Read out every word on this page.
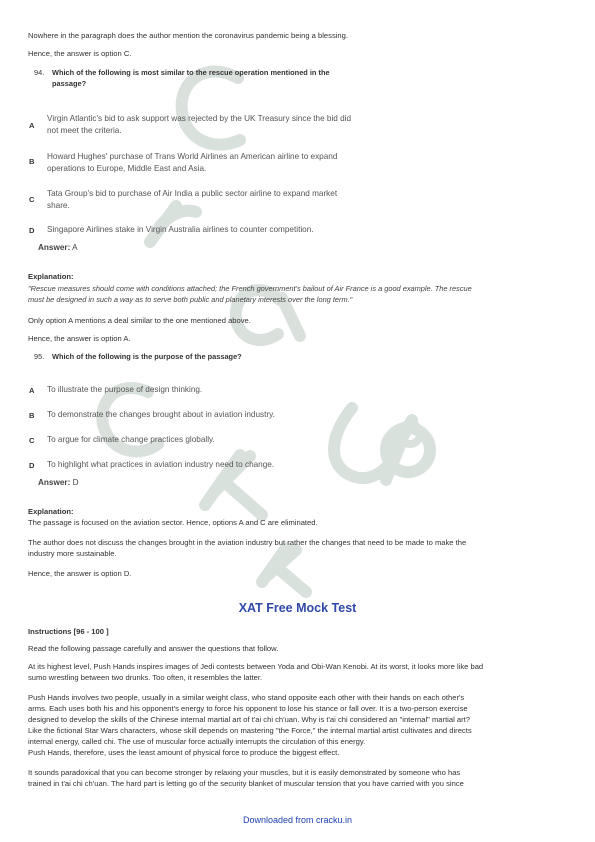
Nowhere in the paragraph does the author mention the coronavirus pandemic being a blessing.
Hence, the answer is option C.
94. Which of the following is most similar to the rescue operation mentioned in the
passage?
A
Virgin Atlantic's bid to ask support was rejected by the UK Treasury since the bid did
not meet the criteria.
B
Howard Hughes' purchase of Trans World Airlines an American airline to expand
operations to Europe, Middle East and Asia.
C
Tata Group's bid to purchase of Air India a public sector airline to expand market
share.
D Singapore Airlines stake in Virgin Australia airlines to counter competition.
Answer: A
Explanation:
"Rescue measures should come with conditions attached; the French government's bailout of Air France is a good example. The rescue
must be designed in such a way as to serve both public and planetary interests over the long term."
Only option A mentions a deal similar to the one mentioned above.
Hence, the answer is option A.
95. Which of the following is the purpose of the passage?
A To illustrate the purpose of design thinking.
B To demonstrate the changes brought about in aviation industry.
C To argue for climate change practices globally.
D To highlight what practices in aviation industry need to change.
Answer: D
Explanation:
The passage is focused on the aviation sector. Hence, options A and C are eliminated.
The author does not discuss the changes brought in the aviation industry but rather the changes that need to be made to make the
industry more sustainable.
Hence, the answer is option D.
XAT Free Mock Test
Instructions [96 - 100 ]
Read the following passage carefully and answer the questions that follow.
At its highest level, Push Hands inspires images of Jedi contests between Yoda and Obi-Wan Kenobi. At its worst, it looks more like bad
sumo wrestling between two drunks. Too often, it resembles the latter.
Push Hands involves two people, usually in a similar weight class, who stand opposite each other with their hands on each other's
arms. Each uses both his and his opponent's energy to force his opponent to lose his stance or fall over. It is a two-person exercise
designed to develop the skills of the Chinese internal martial art of t'ai chi ch'uan. Why is t'ai chi considered an "internal" martial art?
Like the fictional Star Wars characters, whose skill depends on mastering "the Force," the internal martial artist cultivates and directs
internal energy, called chi. The use of muscular force actually interrupts the circulation of this energy.
Push Hands, therefore, uses the least amount of physical force to produce the biggest effect.
It sounds paradoxical that you can become stronger by relaxing your muscles, but it is easily demonstrated by someone who has
trained in t'ai chi ch'uan. The hard part is letting go of the security blanket of muscular tension that you have carried with you since
Downloaded from cracku.in
